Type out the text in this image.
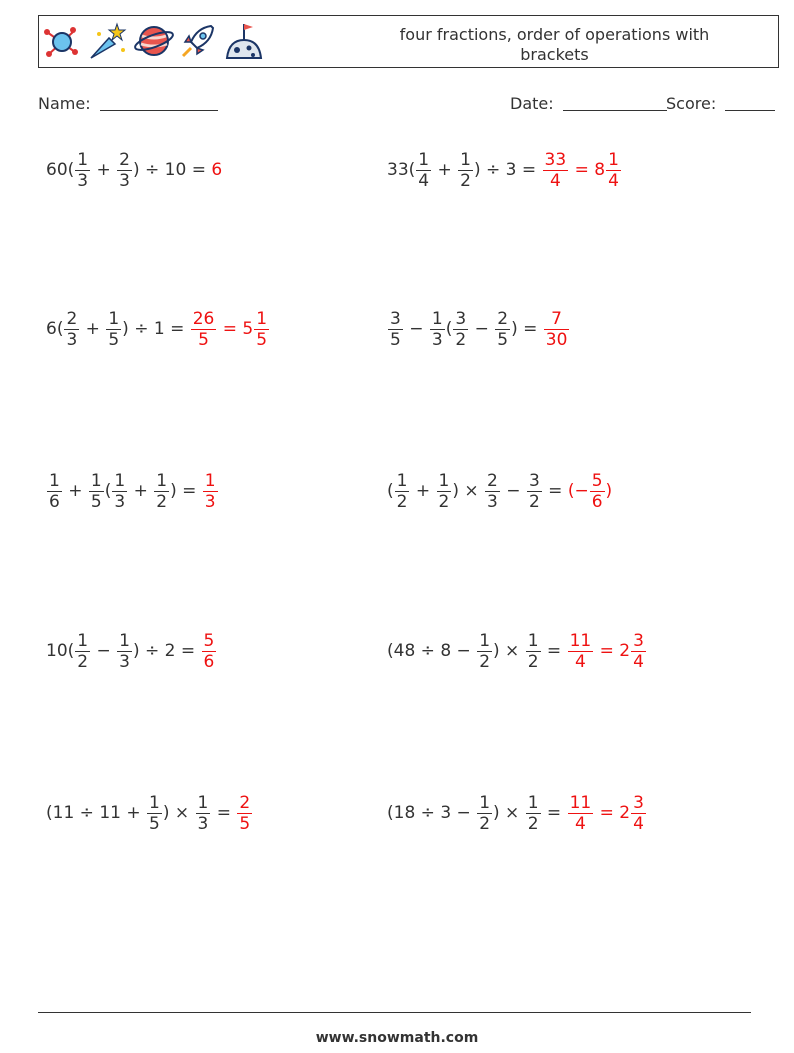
four fractions, order of operations with
brackets
Name:	Date:	Score:
$60( \frac{1}{3} + \frac{2}{3}$ ) ÷ 10 = 6	$33( \frac{1}{4} + \frac{1}{2}$ ) ÷ $3 = \frac{33}{4} = 8 \frac{1}{4}$
$6( \frac{2}{3} + \frac{1}{5}$ ) ÷ $1 = \frac{26}{5} = 5 \frac{1}{5}$	$\frac{3}{5} - \frac{1}{3}$ ( $\frac{3}{2} - \frac{2}{5}$ ) = $\frac{7}{30}$
$\frac{1}{6} + \frac{1}{5}$ ( $\frac{1}{3} + \frac{1}{2}$ ) = $\frac{1}{3}$	( $\frac{1}{2} + \frac{1}{2}$ ) × $\frac{2}{3} - \frac{3}{2}$ = (− $\frac{5}{6}$ )
$10( \frac{1}{2} - \frac{1}{3}$ ) ÷ $2 = \frac{5}{6}$	($48 \div 8 - \frac{1}{2}$ ) × $\frac{1}{2} = \frac{11}{4} = 2 \frac{3}{4}$
($11 \div 11 + \frac{1}{5}$ ) × $\frac{1}{3} = \frac{2}{5}$	($18 \div 3 - \frac{1}{2}$ ) × $\frac{1}{2} = \frac{11}{4} = 2 \frac{3}{4}$
www.snowmath.com
